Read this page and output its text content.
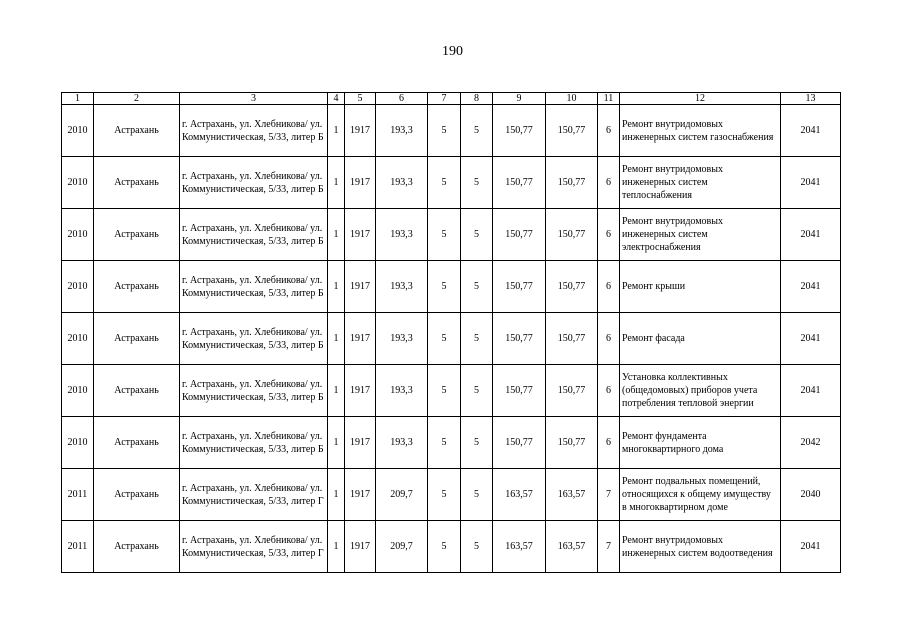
190
1	2	3	4	5	6	7	8	9	10	11	12	13
2010	Астрахань	г. Астрахань, ул. Хлебникова/ ул. Коммунистическая, 5/33, литер Б	1	1917	193,3	5	5	150,77	150,77	6	Ремонт внутридомовых инженерных систем газоснабжения	2041
2010	Астрахань	г. Астрахань, ул. Хлебникова/ ул. Коммунистическая, 5/33, литер Б	1	1917	193,3	5	5	150,77	150,77	6	Ремонт внутридомовых инженерных систем теплоснабжения	2041
2010	Астрахань	г. Астрахань, ул. Хлебникова/ ул. Коммунистическая, 5/33, литер Б	1	1917	193,3	5	5	150,77	150,77	6	Ремонт внутридомовых инженерных систем электроснабжения	2041
2010	Астрахань	г. Астрахань, ул. Хлебникова/ ул. Коммунистическая, 5/33, литер Б	1	1917	193,3	5	5	150,77	150,77	6	Ремонт крыши	2041
2010	Астрахань	г. Астрахань, ул. Хлебникова/ ул. Коммунистическая, 5/33, литер Б	1	1917	193,3	5	5	150,77	150,77	6	Ремонт фасада	2041
2010	Астрахань	г. Астрахань, ул. Хлебникова/ ул. Коммунистическая, 5/33, литер Б	1	1917	193,3	5	5	150,77	150,77	6	Установка коллективных (общедомовых) приборов учета потребления тепловой энергии	2041
2010	Астрахань	г. Астрахань, ул. Хлебникова/ ул. Коммунистическая, 5/33, литер Б	1	1917	193,3	5	5	150,77	150,77	6	Ремонт фундамента многоквартирного дома	2042
2011	Астрахань	г. Астрахань, ул. Хлебникова/ ул. Коммунистическая, 5/33, литер Г	1	1917	209,7	5	5	163,57	163,57	7	Ремонт подвальных помещений, относящихся к общему имуществу в многоквартирном доме	2040
2011	Астрахань	г. Астрахань, ул. Хлебникова/ ул. Коммунистическая, 5/33, литер Г	1	1917	209,7	5	5	163,57	163,57	7	Ремонт внутридомовых инженерных систем водоотведения	2041
